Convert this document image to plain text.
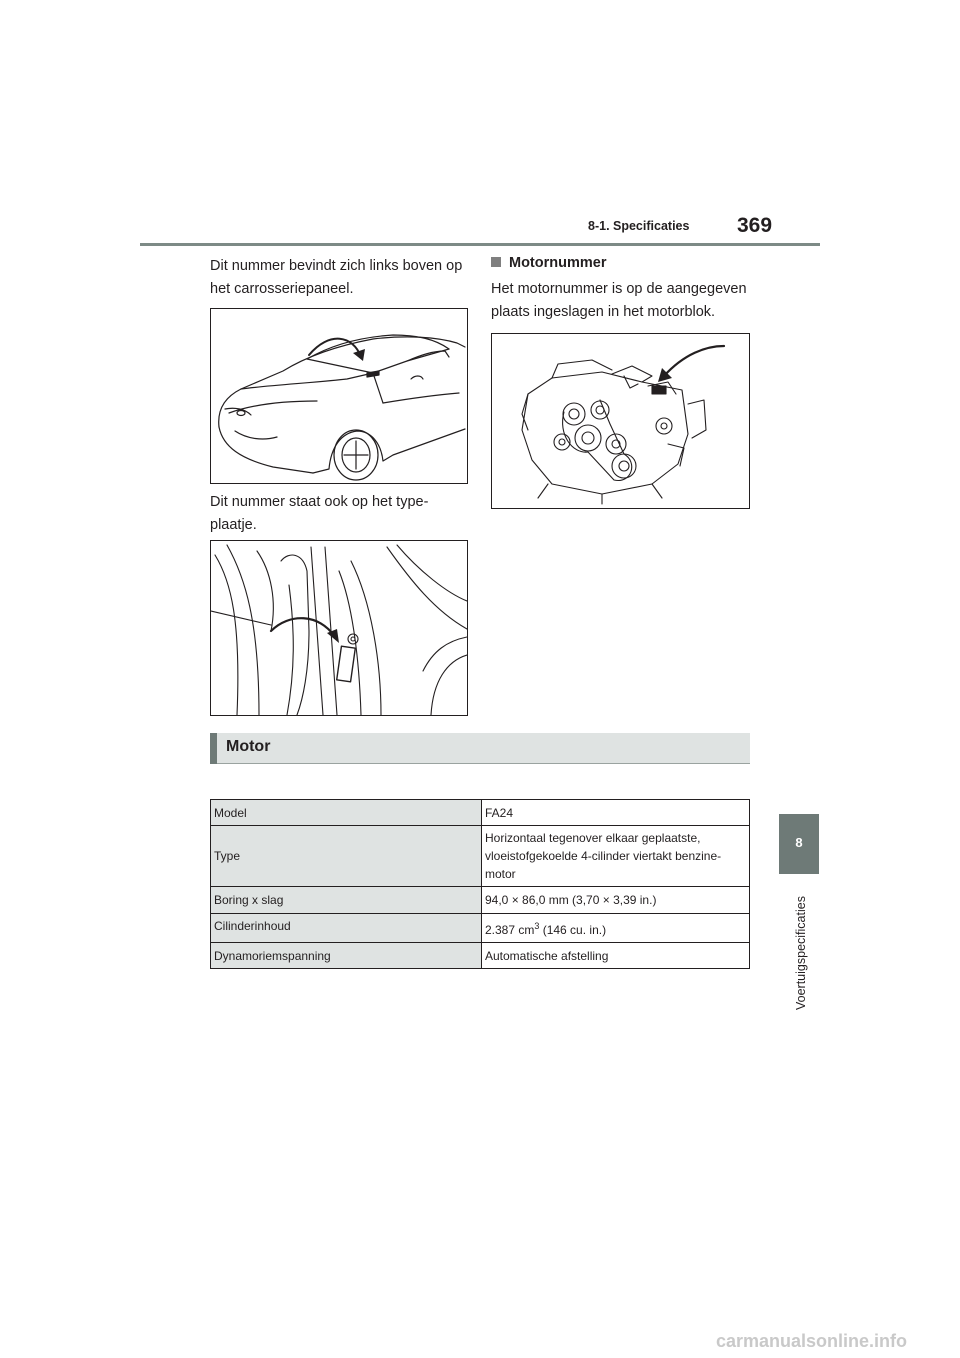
8-1. Specificaties 369
Dit nummer bevindt zich links boven op
het carrosseriepaneel.
Dit nummer staat ook op het type-
plaatje.
Motornummer
Het motornummer is op de aangegeven
plaats ingeslagen in het motorblok.
Motor
Model	FA24
Type	Horizontaal tegenover elkaar geplaatste,
vloeistofgekoelde 4-cilinder viertakt benzine-
motor

Boring x slag	94,0 × 86,0 mm (3,70 × 3,39 in.)
Cilinderinhoud	2.387 $cm^3$ (146 cu. in.)
Dynamoriemspanning	Automatische afstelling
8
Voertuigspecificaties
carmanualsonline.info
